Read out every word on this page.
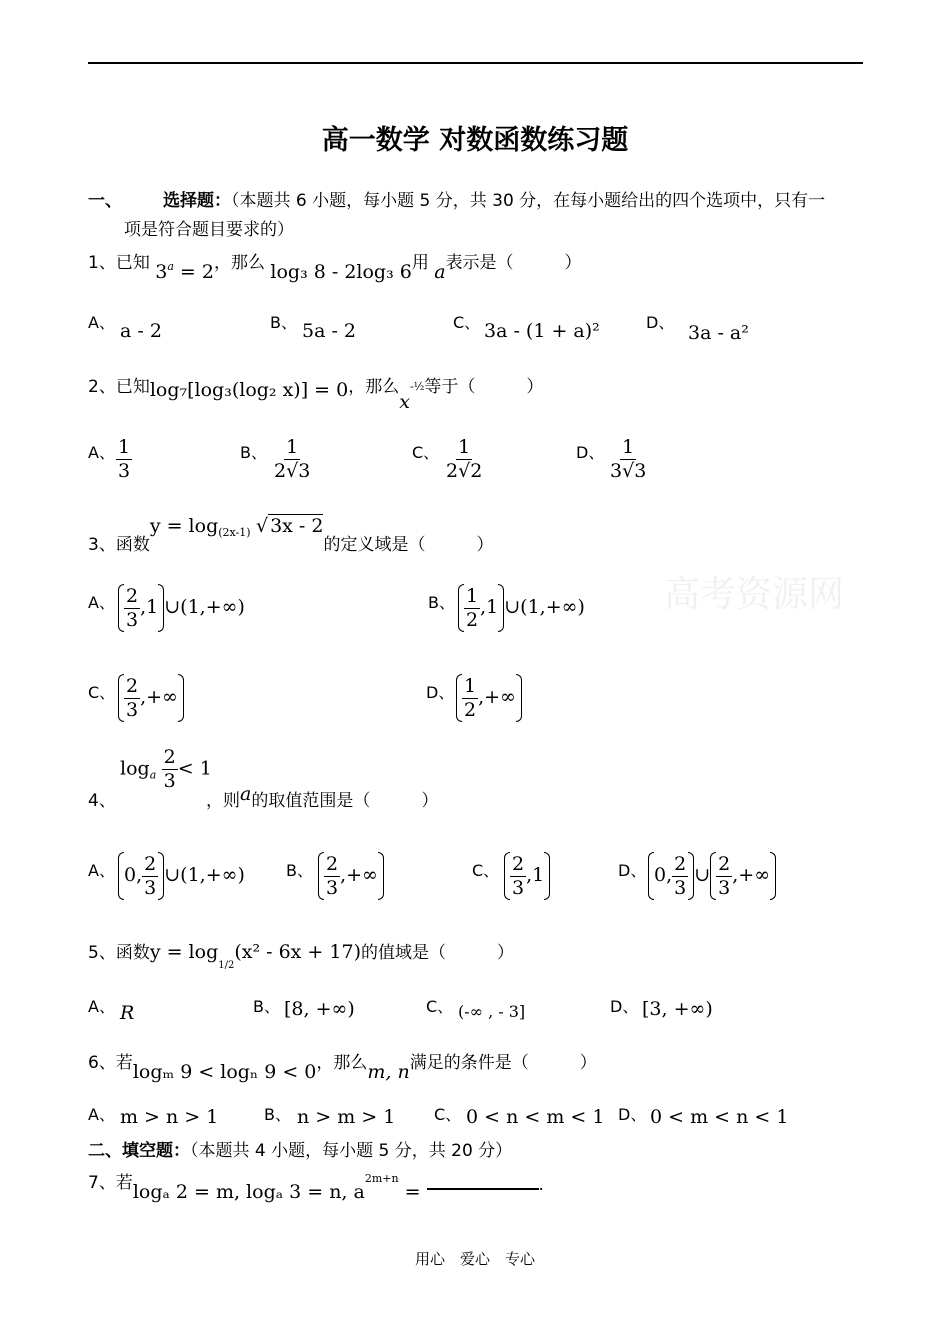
高一数学 对数函数练习题
一、 选择题：（本题共 6 小题，每小题 5 分，共 30 分，在每小题给出的四个选项中，只有一
项是符合题目要求的）
1、已知 $3^a = 2$，那么 log₃ 8 - 2log₃ 6用 a表示是（　　　）
A、 a - 2	B、 5a - 2	C、 3a - (1 + a)²	D、 3a - a²
2、已知log₇[log₃(log₂ x)] = 0，那么x-½等于（　　　）
A、 $\frac{1}{3}$	B、 $\frac{1}{2√3}$	C、 $\frac{1}{2√2}$	D、 $\frac{1}{3√3}$
3、函数$y = \log_{(2x-1)}$ √ 3x - 2的定义域是（　　　）
A、 $\frac{2}{3} ,1$ ∪(1,+∞)	B、 $\frac{1}{2} ,1$ ∪(1,+∞) 高考资源网
C、 $\frac{2}{3}$ ,+∞	D、 $\frac{1}{2}$ ,+∞
4、
$\log_a \frac{2}{3} < 1$
，则a的取值范围是（　　　）
A、 0, $\frac{2}{3}$ ∪(1,+∞)	B、 $\frac{2}{3}$ ,+∞	C、 $\frac{2}{3} ,1$	D、 0, $\frac{2}{3}$ ∪ $\frac{2}{3}$ ,+∞
5、函数$y = \log_{1/2}(x^2 - 6x + 17)$的值域是（　　　）
A、 R	B、 [8, +∞)	C、 (-∞ , - 3]	D、 [3, +∞)
6、若logₘ 9 < logₙ 9 < 0，那么m, n满足的条件是（　　　）
A、 m > n > 1	B、 n > m > 1 C、 0 < n < m < 1 D、 0 < m < n < 1
二、填空题：（本题共 4 小题，每小题 5 分，共 20 分）
7、若logₐ 2 = m, logₐ 3 = n, $a^{2m+n}$ =	.
用心　爱心　专心
